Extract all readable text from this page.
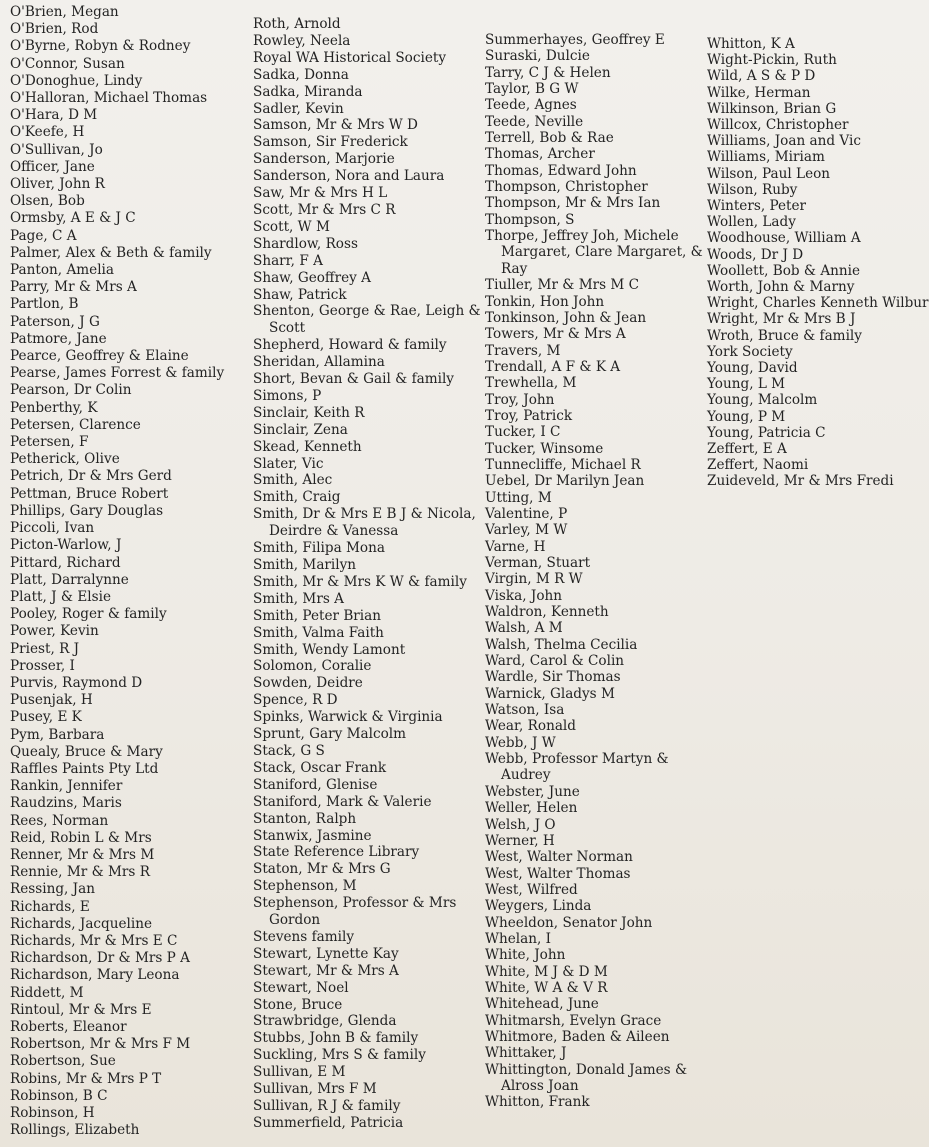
O'Brien, Megan
O'Brien, Rod
O'Byrne, Robyn & Rodney
O'Connor, Susan
O'Donoghue, Lindy
O'Halloran, Michael Thomas
O'Hara, D M
O'Keefe, H
O'Sullivan, Jo
Officer, Jane
Oliver, John R
Olsen, Bob
Ormsby, A E & J C
Page, C A
Palmer, Alex & Beth & family
Panton, Amelia
Parry, Mr & Mrs A
Partlon, B
Paterson, J G
Patmore, Jane
Pearce, Geoffrey & Elaine
Pearse, James Forrest & family
Pearson, Dr Colin
Penberthy, K
Petersen, Clarence
Petersen, F
Petherick, Olive
Petrich, Dr & Mrs Gerd
Pettman, Bruce Robert
Phillips, Gary Douglas
Piccoli, Ivan
Picton-Warlow, J
Pittard, Richard
Platt, Darralynne
Platt, J & Elsie
Pooley, Roger & family
Power, Kevin
Priest, R J
Prosser, I
Purvis, Raymond D
Pusenjak, H
Pusey, E K
Pym, Barbara
Quealy, Bruce & Mary
Raffles Paints Pty Ltd
Rankin, Jennifer
Raudzins, Maris
Rees, Norman
Reid, Robin L & Mrs
Renner, Mr & Mrs M
Rennie, Mr & Mrs R
Ressing, Jan
Richards, E
Richards, Jacqueline
Richards, Mr & Mrs E C
Richardson, Dr & Mrs P A
Richardson, Mary Leona
Riddett, M
Rintoul, Mr & Mrs E
Roberts, Eleanor
Robertson, Mr & Mrs F M
Robertson, Sue
Robins, Mr & Mrs P T
Robinson, B C
Robinson, H
Rollings, Elizabeth
Roth, Arnold
Rowley, Neela
Royal WA Historical Society
Sadka, Donna
Sadka, Miranda
Sadler, Kevin
Samson, Mr & Mrs W D
Samson, Sir Frederick
Sanderson, Marjorie
Sanderson, Nora and Laura
Saw, Mr & Mrs H L
Scott, Mr & Mrs C R
Scott, W M
Shardlow, Ross
Sharr, F A
Shaw, Geoffrey A
Shaw, Patrick
Shenton, George & Rae, Leigh &
Scott
Shepherd, Howard & family
Sheridan, Allamina
Short, Bevan & Gail & family
Simons, P
Sinclair, Keith R
Sinclair, Zena
Skead, Kenneth
Slater, Vic
Smith, Alec
Smith, Craig
Smith, Dr & Mrs E B J & Nicola,
Deirdre & Vanessa
Smith, Filipa Mona
Smith, Marilyn
Smith, Mr & Mrs K W & family
Smith, Mrs A
Smith, Peter Brian
Smith, Valma Faith
Smith, Wendy Lamont
Solomon, Coralie
Sowden, Deidre
Spence, R D
Spinks, Warwick & Virginia
Sprunt, Gary Malcolm
Stack, G S
Stack, Oscar Frank
Staniford, Glenise
Staniford, Mark & Valerie
Stanton, Ralph
Stanwix, Jasmine
State Reference Library
Staton, Mr & Mrs G
Stephenson, M
Stephenson, Professor & Mrs
Gordon
Stevens family
Stewart, Lynette Kay
Stewart, Mr & Mrs A
Stewart, Noel
Stone, Bruce
Strawbridge, Glenda
Stubbs, John B & family
Suckling, Mrs S & family
Sullivan, E M
Sullivan, Mrs F M
Sullivan, R J & family
Summerfield, Patricia
Summerhayes, Geoffrey E
Suraski, Dulcie
Tarry, C J & Helen
Taylor, B G W
Teede, Agnes
Teede, Neville
Terrell, Bob & Rae
Thomas, Archer
Thomas, Edward John
Thompson, Christopher
Thompson, Mr & Mrs Ian
Thompson, S
Thorpe, Jeffrey Joh, Michele
Margaret, Clare Margaret, &
Ray
Tiuller, Mr & Mrs M C
Tonkin, Hon John
Tonkinson, John & Jean
Towers, Mr & Mrs A
Travers, M
Trendall, A F & K A
Trewhella, M
Troy, John
Troy, Patrick
Tucker, I C
Tucker, Winsome
Tunnecliffe, Michael R
Uebel, Dr Marilyn Jean
Utting, M
Valentine, P
Varley, M W
Varne, H
Verman, Stuart
Virgin, M R W
Viska, John
Waldron, Kenneth
Walsh, A M
Walsh, Thelma Cecilia
Ward, Carol & Colin
Wardle, Sir Thomas
Warnick, Gladys M
Watson, Isa
Wear, Ronald
Webb, J W
Webb, Professor Martyn &
Audrey
Webster, June
Weller, Helen
Welsh, J O
Werner, H
West, Walter Norman
West, Walter Thomas
West, Wilfred
Weygers, Linda
Wheeldon, Senator John
Whelan, I
White, John
White, M J & D M
White, W A & V R
Whitehead, June
Whitmarsh, Evelyn Grace
Whitmore, Baden & Aileen
Whittaker, J
Whittington, Donald James &
Alross Joan
Whitton, Frank
Whitton, K A
Wight-Pickin, Ruth
Wild, A S & P D
Wilke, Herman
Wilkinson, Brian G
Willcox, Christopher
Williams, Joan and Vic
Williams, Miriam
Wilson, Paul Leon
Wilson, Ruby
Winters, Peter
Wollen, Lady
Woodhouse, William A
Woods, Dr J D
Woollett, Bob & Annie
Worth, John & Marny
Wright, Charles Kenneth Wilbur
Wright, Mr & Mrs B J
Wroth, Bruce & family
York Society
Young, David
Young, L M
Young, Malcolm
Young, P M
Young, Patricia C
Zeffert, E A
Zeffert, Naomi
Zuideveld, Mr & Mrs Fredi
